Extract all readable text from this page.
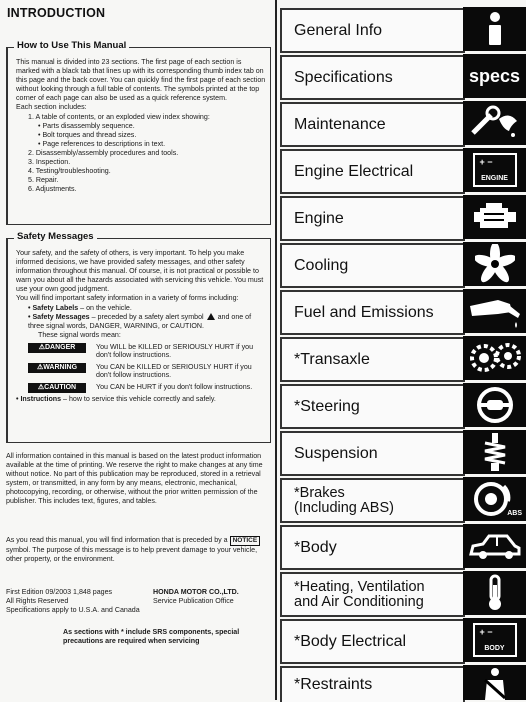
INTRODUCTION
How to Use This Manual
This manual is divided into 23 sections. The first page of each section is marked with a black tab that lines up with its corresponding thumb index tab on this page and the back cover. You can quickly find the first page of each section without looking through a full table of contents. The symbols printed at the top corner of each page can also be used as a quick reference system.
Each section includes:
1. A table of contents, or an exploded view index showing:
• Parts disassembly sequence.
• Bolt torques and thread sizes.
• Page references to descriptions in text.
2. Disassembly/assembly procedures and tools.
3. Inspection.
4. Testing/troubleshooting.
5. Repair.
6. Adjustments.
Safety Messages
Your safety, and the safety of others, is very important. To help you make informed decisions, we have provided safety messages, and other safety information throughout this manual. Of course, it is not practical or possible to warn you about all the hazards associated with servicing this vehicle. You must use your own good judgment.
You will find important safety information in a variety of forms including:
• Safety Labels – on the vehicle.
• Safety Messages – preceded by a safety alert symbol  and one of three signal words, DANGER, WARNING, or CAUTION.
These signal words mean:
⚠DANGER	You WILL be KILLED or SERIOUSLY HURT if you don't follow instructions.
⚠WARNING	You CAN be KILLED or SERIOUSLY HURT if you don't follow instructions.
⚠CAUTION	You CAN be HURT if you don't follow instructions.
• Instructions – how to service this vehicle correctly and safely.
All information contained in this manual is based on the latest product information available at the time of printing. We reserve the right to make changes at any time without notice. No part of this publication may be reproduced, stored in a retrieval system, or transmitted, in any form by any means, electronic, mechanical, photocopying, recording, or otherwise, without the prior written permission of the publisher. This includes text, figures, and tables.
As you read this manual, you will find information that is preceded by a NOTICE symbol. The purpose of this message is to help prevent damage to your vehicle, other property, or the environment.
First Edition 09/2003 1,848 pages
All Rights Reserved
Specifications apply to U.S.A. and Canada
HONDA MOTOR CO.,LTD.
Service Publication Office
As sections with * include SRS components, special precautions are required when servicing
General Info
Specifications	specs
Maintenance
Engine Electrical
+ −
ENGINE
Engine
Cooling
Fuel and Emissions
*Transaxle
*Steering
Suspension
*Brakes
(Including ABS)	ABS
*Body
*Heating, Ventilation
and Air Conditioning
*Body Electrical
+ −
BODY
*Restraints
